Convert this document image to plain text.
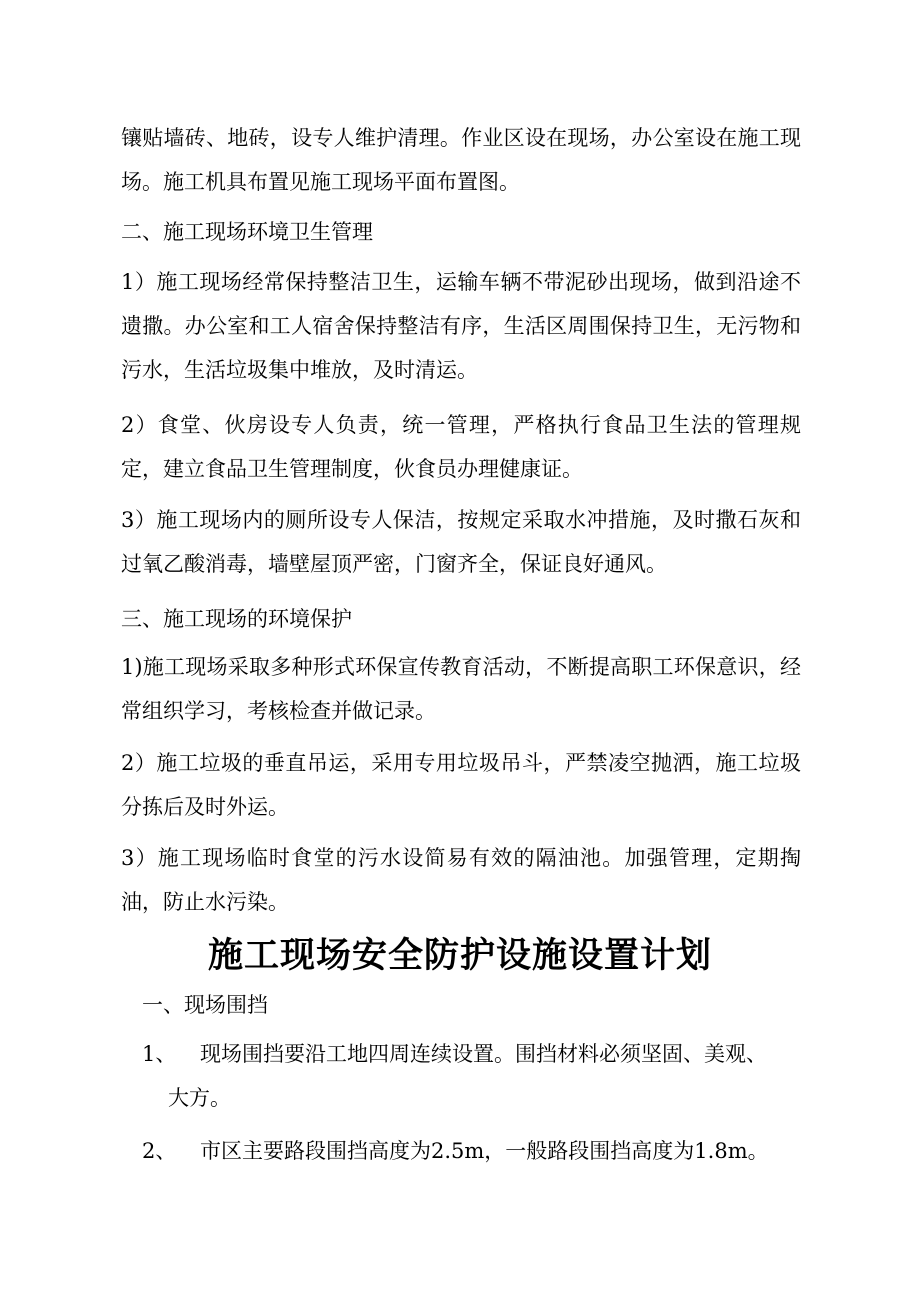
镶贴墙砖、地砖，设专人维护清理。作业区设在现场，办公室设在施工现场。施工机具布置见施工现场平面布置图。

二、施工现场环境卫生管理

1）施工现场经常保持整洁卫生，运输车辆不带泥砂出现场，做到沿途不遗撒。办公室和工人宿舍保持整洁有序，生活区周围保持卫生，无污物和污水，生活垃圾集中堆放，及时清运。

2）食堂、伙房设专人负责，统一管理，严格执行食品卫生法的管理规定，建立食品卫生管理制度，伙食员办理健康证。

3）施工现场内的厕所设专人保洁，按规定采取水冲措施，及时撒石灰和过氧乙酸消毒，墙壁屋顶严密，门窗齐全，保证良好通风。

三、施工现场的环境保护

1)施工现场采取多种形式环保宣传教育活动，不断提高职工环保意识，经常组织学习，考核检查并做记录。

2）施工垃圾的垂直吊运，采用专用垃圾吊斗，严禁凌空抛洒，施工垃圾分拣后及时外运。

3）施工现场临时食堂的污水设简易有效的隔油池。加强管理，定期掏油，防止水污染。

施工现场安全防护设施设置计划

一、现场围挡

1、 现场围挡要沿工地四周连续设置。围挡材料必须坚固、美观、
大方。
2、 市区主要路段围挡高度为2.5m，一般路段围挡高度为1.8m。
